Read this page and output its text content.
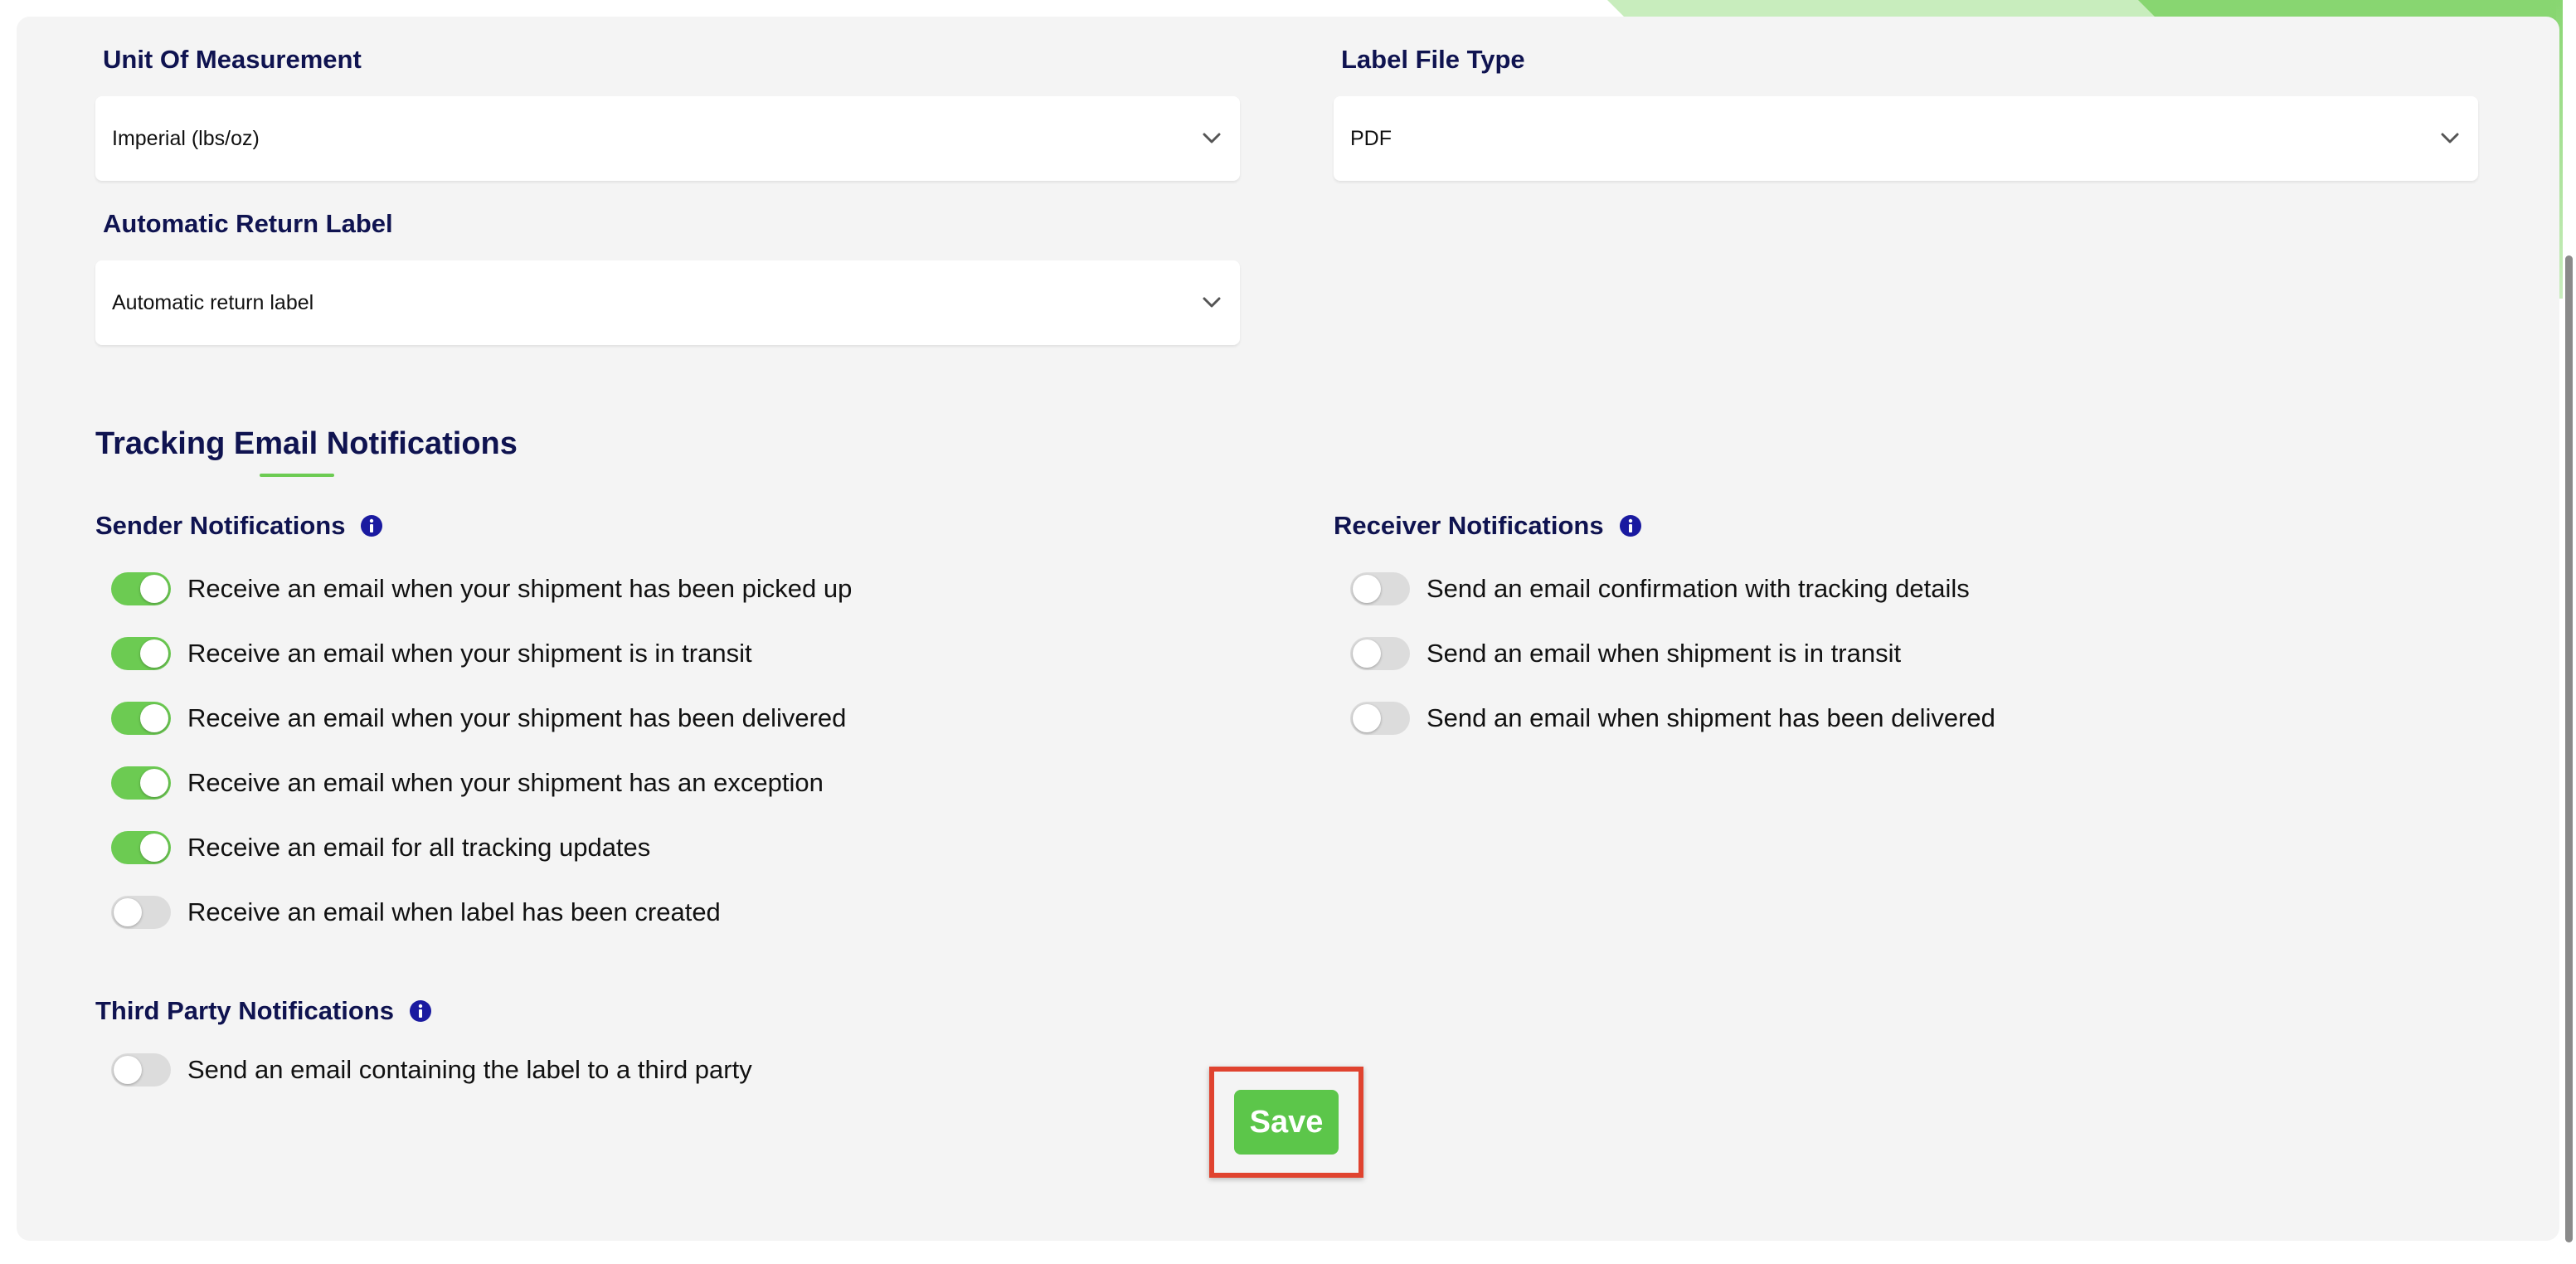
Unit Of Measurement
Imperial (lbs/oz)
Label File Type
PDF
Automatic Return Label
Automatic return label
Tracking Email Notifications
Sender Notifications
Receive an email when your shipment has been picked up
Receive an email when your shipment is in transit
Receive an email when your shipment has been delivered
Receive an email when your shipment has an exception
Receive an email for all tracking updates
Receive an email when label has been created
Receiver Notifications
Send an email confirmation with tracking details
Send an email when shipment is in transit
Send an email when shipment has been delivered
Third Party Notifications
Send an email containing the label to a third party
Save
